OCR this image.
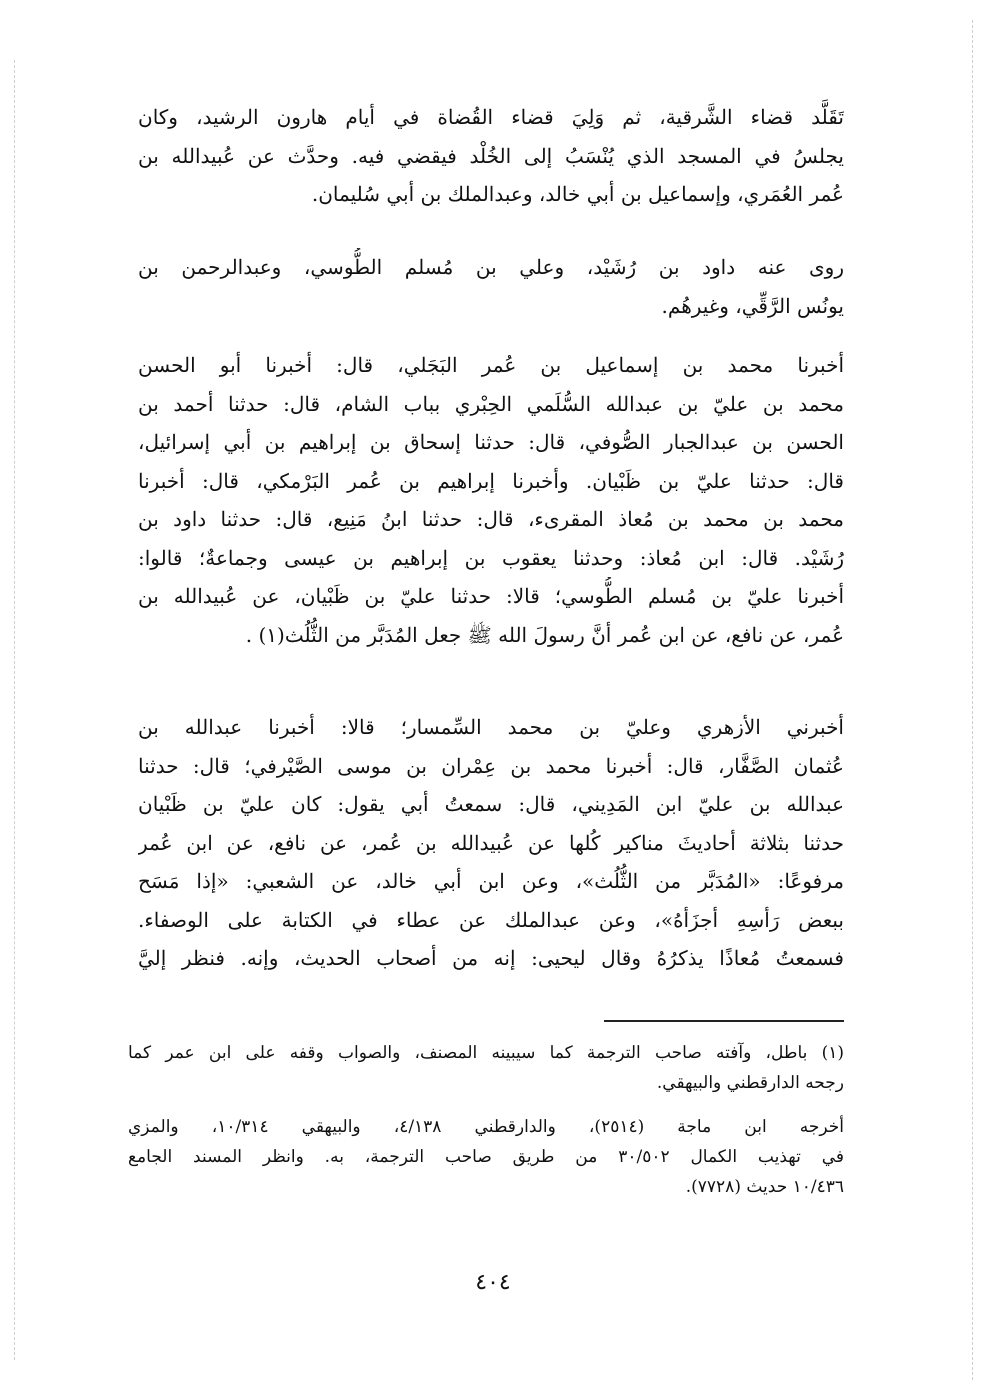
تَقَلَّد قضاء الشَّرقية، ثم وَلِيَ قضاء القُضاة في أيام هارون الرشيد، وكان
يجلسُ في المسجد الذي يُنْسَبُ إلى الخُلْد فيقضي فيه. وحدَّث عن عُبيدالله بن
عُمر العُمَري، وإسماعيل بن أبي خالد، وعبدالملك بن أبي سُليمان.
روى عنه داود بن رُشَيْد، وعلي بن مُسلم الطُّوسي، وعبدالرحمن بن
يونُس الرَّقِّي، وغيرهُم.
أخبرنا محمد بن إسماعيل بن عُمر البَجَلي، قال: أخبرنا أبو الحسن
محمد بن عليّ بن عبدالله السُّلَمي الحِبْري بباب الشام، قال: حدثنا أحمد بن
الحسن بن عبدالجبار الصُّوفي، قال: حدثنا إسحاق بن إبراهيم بن أبي إسرائيل،
قال: حدثنا عليّ بن ظَبْيان. وأخبرنا إبراهيم بن عُمر البَرْمكي، قال: أخبرنا
محمد بن محمد بن مُعاذ المقرىء، قال: حدثنا ابنُ مَنِيع، قال: حدثنا داود بن
رُشَيْد. قال: ابن مُعاذ: وحدثنا يعقوب بن إبراهيم بن عيسى وجماعةٌ؛ قالوا:
أخبرنا عليّ بن مُسلم الطُّوسي؛ قالا: حدثنا عليّ بن ظَبْيان، عن عُبيدالله بن
عُمر، عن نافع، عن ابن عُمر أنَّ رسولَ الله ﷺ جعل المُدَبَّر من الثُّلُث(١) .
أخبرني الأزهري وعليّ بن محمد السِّمسار؛ قالا: أخبرنا عبدالله بن
عُثمان الصَّفَّار، قال: أخبرنا محمد بن عِمْران بن موسى الصَّيْرفي؛ قال: حدثنا
عبدالله بن عليّ ابن المَدِيني، قال: سمعتُ أبي يقول: كان عليّ بن ظَبْيان
حدثنا بثلاثة أحاديثَ مناكير كُلها عن عُبيدالله بن عُمر، عن نافع، عن ابن عُمر
مرفوعًا: «المُدَبَّر من الثُّلُث»، وعن ابن أبي خالد، عن الشعبي: «إذا مَسَح
ببعض رَأسِهِ أجزَأهُ»، وعن عبدالملك عن عطاء في الكتابة على الوصفاء.
فسمعتُ مُعاذًا يذكرُهُ وقال ليحيى: إنه من أصحاب الحديث، وإنه. فنظر إليَّ
(١) باطل، وآفته صاحب الترجمة كما سيبينه المصنف، والصواب وقفه على ابن عمر كما
رجحه الدارقطني والبيهقي.
أخرجه ابن ماجة (٢٥١٤)، والدارقطني ٤/١٣٨، والبيهقي ١٠/٣١٤، والمزي
في تهذيب الكمال ٣٠/٥٠٢ من طريق صاحب الترجمة، به. وانظر المسند الجامع
١٠/٤٣٦ حديث (٧٧٢٨).
٤٠٤
